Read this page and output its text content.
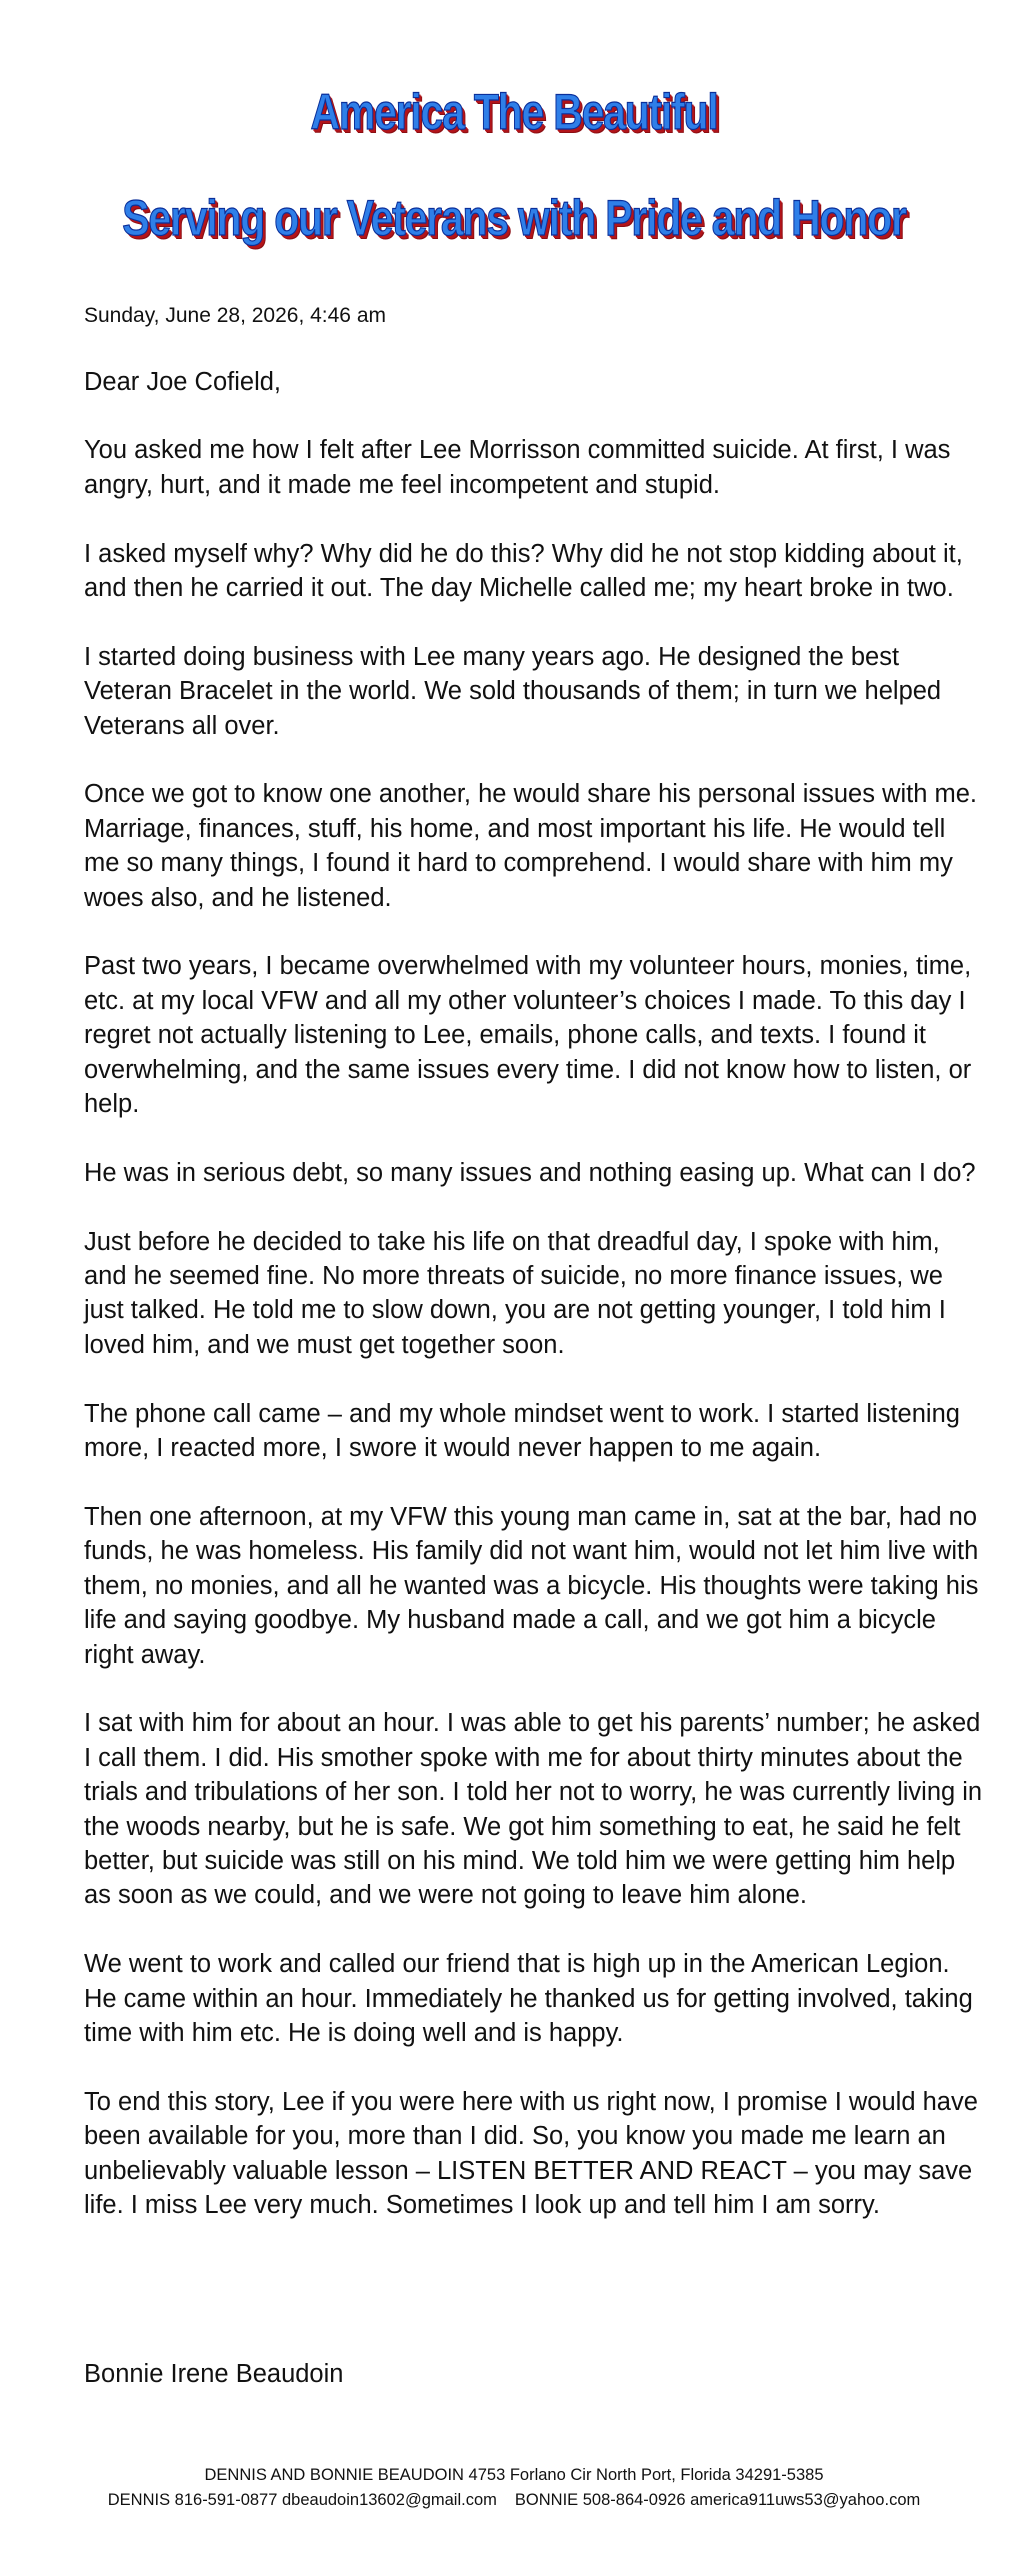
America The Beautiful
Serving our Veterans with Pride and Honor
Sunday, June 28, 2026, 4:46 am

Dear Joe Cofield,

You asked me how I felt after Lee Morrisson committed suicide. At first, I was angry, hurt, and it made me feel incompetent and stupid.

I asked myself why? Why did he do this? Why did he not stop kidding about it, and then he carried it out. The day Michelle called me; my heart broke in two.

I started doing business with Lee many years ago. He designed the best Veteran Bracelet in the world. We sold thousands of them; in turn we helped Veterans all over.

Once we got to know one another, he would share his personal issues with me. Marriage, finances, stuff, his home, and most important his life. He would tell me so many things, I found it hard to comprehend. I would share with him my woes also, and he listened.

Past two years, I became overwhelmed with my volunteer hours, monies, time, etc. at my local VFW and all my other volunteer’s choices I made. To this day I regret not actually listening to Lee, emails, phone calls, and texts. I found it overwhelming, and the same issues every time. I did not know how to listen, or help.

He was in serious debt, so many issues and nothing easing up. What can I do?

Just before he decided to take his life on that dreadful day, I spoke with him, and he seemed fine. No more threats of suicide, no more finance issues, we just talked. He told me to slow down, you are not getting younger, I told him I loved him, and we must get together soon.

The phone call came – and my whole mindset went to work. I started listening more, I reacted more, I swore it would never happen to me again.

Then one afternoon, at my VFW this young man came in, sat at the bar, had no funds, he was homeless. His family did not want him, would not let him live with them, no monies, and all he wanted was a bicycle. His thoughts were taking his life and saying goodbye. My husband made a call, and we got him a bicycle right away.

I sat with him for about an hour. I was able to get his parents’ number; he asked I call them. I did. His smother spoke with me for about thirty minutes about the trials and tribulations of her son. I told her not to worry, he was currently living in the woods nearby, but he is safe. We got him something to eat, he said he felt better, but suicide was still on his mind. We told him we were getting him help as soon as we could, and we were not going to leave him alone.

We went to work and called our friend that is high up in the American Legion. He came within an hour. Immediately he thanked us for getting involved, taking time with him etc. He is doing well and is happy.

To end this story, Lee if you were here with us right now, I promise I would have been available for you, more than I did. So, you know you made me learn an unbelievably valuable lesson – LISTEN BETTER AND REACT – you may save life. I miss Lee very much. Sometimes I look up and tell him I am sorry.

Bonnie Irene Beaudoin
DENNIS AND BONNIE BEAUDOIN 4753 Forlano Cir North Port, Florida 34291-5385
DENNIS 816-591-0877 dbeaudoin13602@gmail.com BONNIE 508-864-0926 america911uws53@yahoo.com
